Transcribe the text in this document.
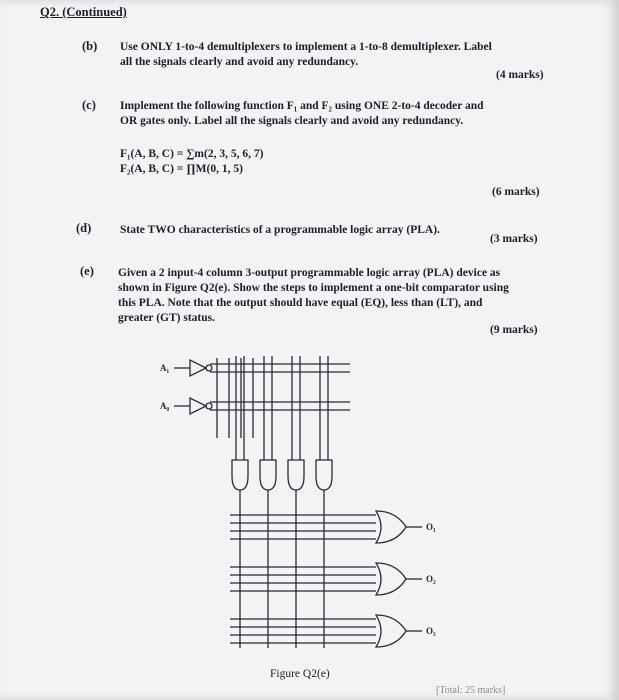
Q2. (Continued)
(b) Use ONLY 1-to-4 demultiplexers to implement a 1-to-8 demultiplexer. Label
all the signals clearly and avoid any redundancy.
(4 marks)
(c) Implement the following function F₁ and F₂ using ONE 2-to-4 decoder and
OR gates only. Label all the signals clearly and avoid any redundancy.
F₁(A, B, C) = ∑m(2, 3, 5, 6, 7)
F₂(A, B, C) = ∏M(0, 1, 5)
(6 marks)
(d) State TWO characteristics of a programmable logic array (PLA).
(3 marks)
(e) Given a 2 input-4 column 3-output programmable logic array (PLA) device as
shown in Figure Q2(e). Show the steps to implement a one-bit comparator using
this PLA. Note that the output should have equal (EQ), less than (LT), and
greater (GT) status.
(9 marks)
A₁
A₀
O₁
O₂
O₃
Figure Q2(e)
[Total: 25 marks]
